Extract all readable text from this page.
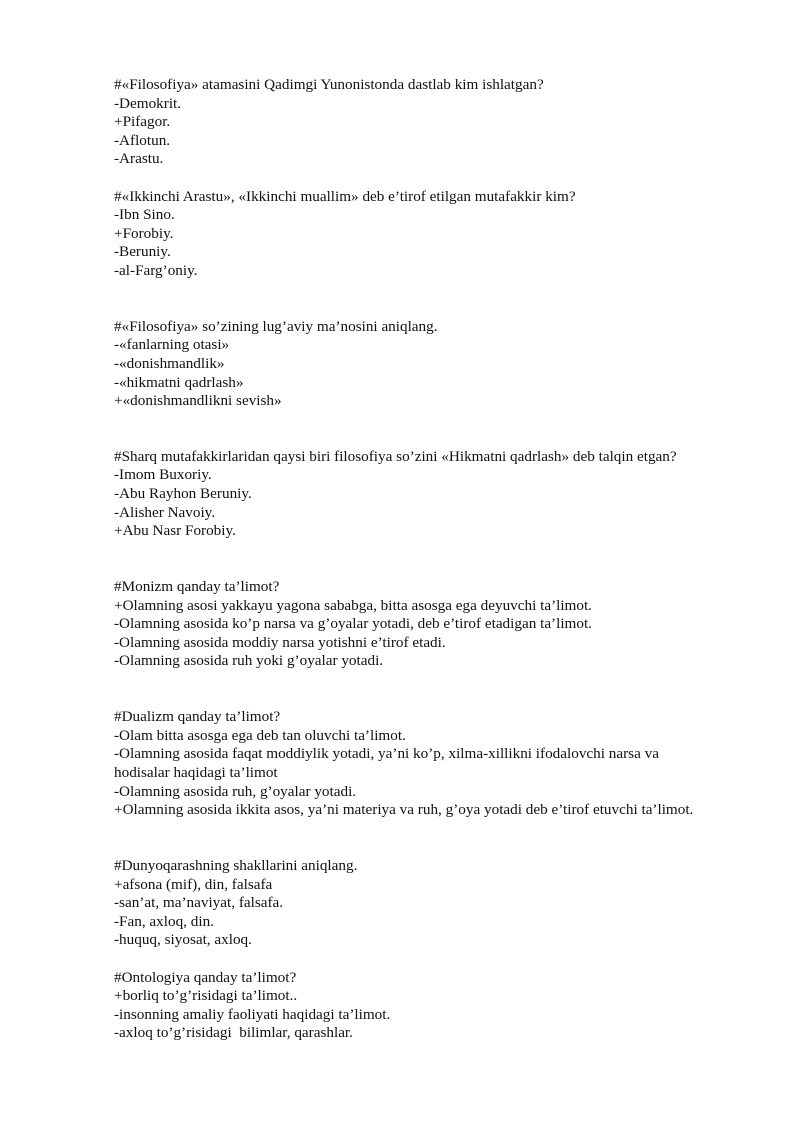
#«Filosofiya» atamasini Qadimgi Yunonistonda dastlab kim ishlatgan?
-Demokrit.
+Pifagor.
-Aflotun.
-Arastu.
#«Ikkinchi Arastu», «Ikkinchi muallim» deb e’tirof etilgan mutafakkir kim?
-Ibn Sino.
+Forobiy.
-Beruniy.
-al-Farg’oniy.
#«Filosofiya» so’zining lug’aviy ma’nosini aniqlang.
-«fanlarning otasi»
-«donishmandlik»
-«hikmatni qadrlash»
+«donishmandlikni sevish»
#Sharq mutafakkirlaridan qaysi biri filosofiya so’zini «Hikmatni qadrlash» deb talqin etgan?
-Imom Buxoriy.
-Abu Rayhon Beruniy.
-Alisher Navoiy.
+Abu Nasr Forobiy.
#Monizm qanday ta’limot?
+Olamning asosi yakkayu yagona sababga, bitta asosga ega deyuvchi ta’limot.
-Olamning asosida ko’p narsa va g’oyalar yotadi, deb e’tirof etadigan ta’limot.
-Olamning asosida moddiy narsa yotishni e’tirof etadi.
-Olamning asosida ruh yoki g’oyalar yotadi.
#Dualizm qanday ta’limot?
-Olam bitta asosga ega deb tan oluvchi ta’limot.
-Olamning asosida faqat moddiylik yotadi, ya’ni ko’p, xilma-xillikni ifodalovchi narsa va
hodisalar haqidagi ta’limot
-Olamning asosida ruh, g’oyalar yotadi.
+Olamning asosida ikkita asos, ya’ni materiya va ruh, g’oya yotadi deb e’tirof etuvchi ta’limot.
#Dunyoqarashning shakllarini aniqlang.
+afsona (mif), din, falsafa
-san’at, ma’naviyat, falsafa.
-Fan, axloq, din.
-huquq, siyosat, axloq.
#Ontologiya qanday ta’limot?
+borliq to’g’risidagi ta’limot..
-insonning amaliy faoliyati haqidagi ta’limot.
-axloq to’g’risidagi  bilimlar, qarashlar.
